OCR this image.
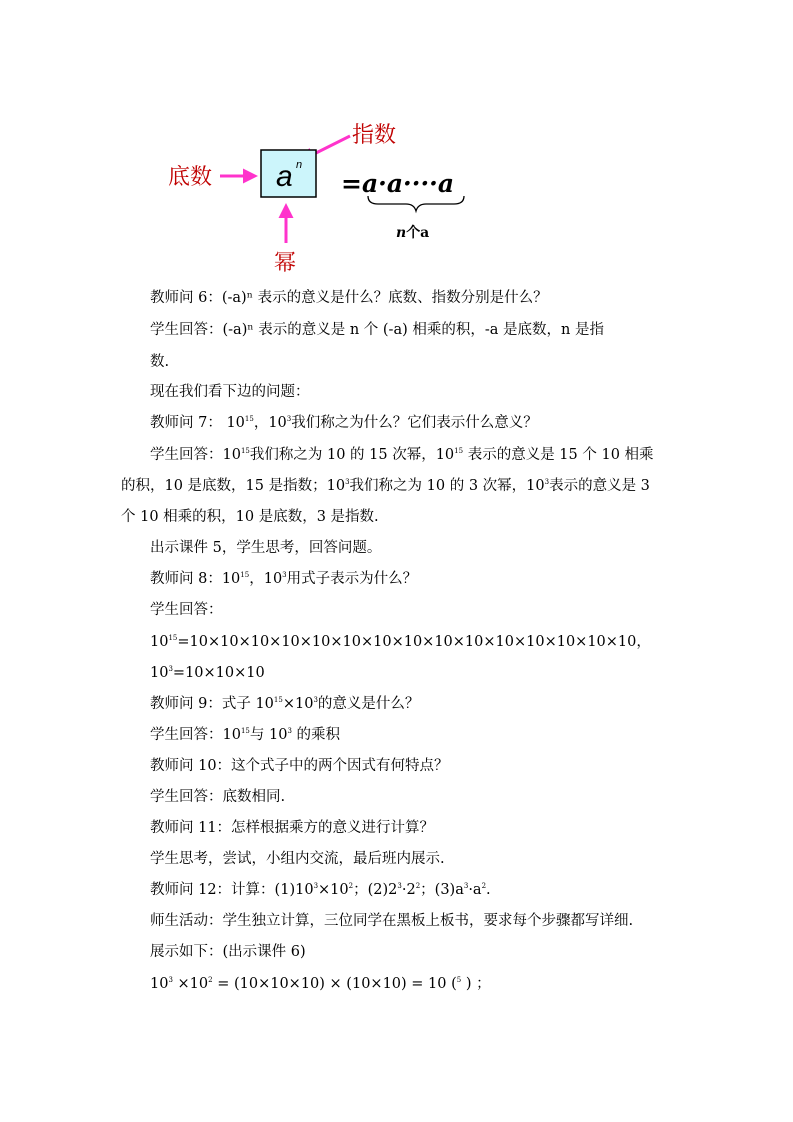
指数
底数 a n
幂
=a·a····a
n个a
教师问 6：(-a)ⁿ 表示的意义是什么？底数、指数分别是什么？
学生回答：(-a)ⁿ 表示的意义是 n 个 (-a) 相乘的积，-a 是底数，n 是指
数.
现在我们看下边的问题：
教师问 7： $10^{15}$，$10^3$我们称之为什么？它们表示什么意义？
学生回答：$10^{15}$我们称之为 10 的 15 次幂，$10^{15}$ 表示的意义是 15 个 10 相乘
的积，10 是底数，15 是指数；$10^3$我们称之为 10 的 3 次幂，$10^3$表示的意义是 3
个 10 相乘的积，10 是底数，3 是指数.
出示课件 5，学生思考，回答问题。
教师问 8：$10^{15}$，$10^3$用式子表示为什么？
学生回答：
$10^{15}=10\times 10\times 10\times 10\times 10\times 10\times 10\times 10\times 10\times 10\times 10\times 10\times 10\times 10\times 10$，
$10^3=10\times 10\times 10$
教师问 9：式子 $10^{15}\times 10^3$的意义是什么？
学生回答：$10^{15}$与 $10^3$ 的乘积
教师问 10：这个式子中的两个因式有何特点？
学生回答：底数相同.
教师问 11：怎样根据乘方的意义进行计算？
学生思考，尝试，小组内交流，最后班内展示.
教师问 12：计算：$(1)10^3\times 10^2$；$(2)2^3\cdot 2^2$；$(3)a^3\cdot a^2$.
师生活动：学生独立计算，三位同学在黑板上板书，要求每个步骤都写详细.
展示如下：(出示课件 6)
$10^3 \times 10^2 = (10\times 10\times 10) \times (10\times 10) = 10$ ($^5$ ) ；
